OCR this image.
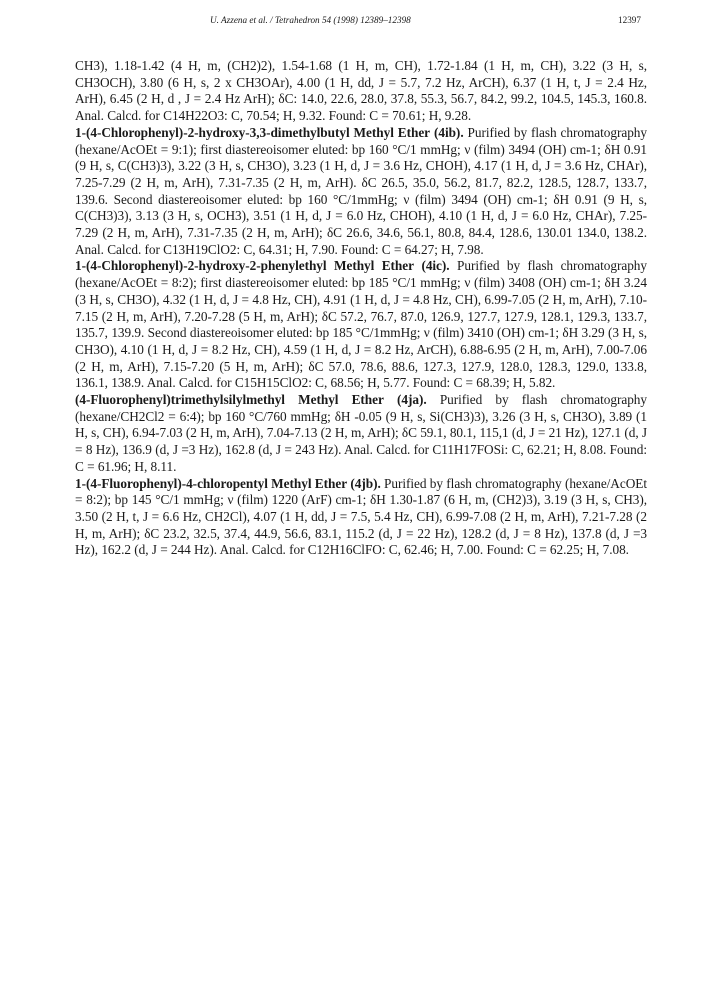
U. Azzena et al. / Tetrahedron 54 (1998) 12389–12398	12397

CH3), 1.18-1.42 (4 H, m, (CH2)2), 1.54-1.68 (1 H, m, CH), 1.72-1.84 (1 H, m, CH), 3.22 (3 H, s, CH3OCH), 3.80 (6 H, s, 2 x CH3OAr), 4.00 (1 H, dd, J = 5.7, 7.2 Hz, ArCH), 6.37 (1 H, t, J = 2.4 Hz, ArH), 6.45 (2 H, d , J = 2.4 Hz ArH); δC: 14.0, 22.6, 28.0, 37.8, 55.3, 56.7, 84.2, 99.2, 104.5, 145.3, 160.8. Anal. Calcd. for C14H22O3: C, 70.54; H, 9.32. Found: C = 70.61; H, 9.28.

1-(4-Chlorophenyl)-2-hydroxy-3,3-dimethylbutyl Methyl Ether (4ib). Purified by flash chromatography (hexane/AcOEt = 9:1); first diastereoisomer eluted: bp 160 °C/1 mmHg; ν (film) 3494 (OH) cm-1; δH 0.91 (9 H, s, C(CH3)3), 3.22 (3 H, s, CH3O), 3.23 (1 H, d, J = 3.6 Hz, CHOH), 4.17 (1 H, d, J = 3.6 Hz, CHAr), 7.25-7.29 (2 H, m, ArH), 7.31-7.35 (2 H, m, ArH). δC 26.5, 35.0, 56.2, 81.7, 82.2, 128.5, 128.7, 133.7, 139.6. Second diastereoisomer eluted: bp 160 °C/1mmHg; ν (film) 3494 (OH) cm-1; δH 0.91 (9 H, s, C(CH3)3), 3.13 (3 H, s, OCH3), 3.51 (1 H, d, J = 6.0 Hz, CHOH), 4.10 (1 H, d, J = 6.0 Hz, CHAr), 7.25-7.29 (2 H, m, ArH), 7.31-7.35 (2 H, m, ArH); δC 26.6, 34.6, 56.1, 80.8, 84.4, 128.6, 130.01 134.0, 138.2. Anal. Calcd. for C13H19ClO2: C, 64.31; H, 7.90. Found: C = 64.27; H, 7.98.

1-(4-Chlorophenyl)-2-hydroxy-2-phenylethyl Methyl Ether (4ic). Purified by flash chromatography (hexane/AcOEt = 8:2); first diastereoisomer eluted: bp 185 °C/1 mmHg; ν (film) 3408 (OH) cm-1; δH 3.24 (3 H, s, CH3O), 4.32 (1 H, d, J = 4.8 Hz, CH), 4.91 (1 H, d, J = 4.8 Hz, CH), 6.99-7.05 (2 H, m, ArH), 7.10-7.15 (2 H, m, ArH), 7.20-7.28 (5 H, m, ArH); δC 57.2, 76.7, 87.0, 126.9, 127.7, 127.9, 128.1, 129.3, 133.7, 135.7, 139.9. Second diastereoisomer eluted: bp 185 °C/1mmHg; ν (film) 3410 (OH) cm-1; δH 3.29 (3 H, s, CH3O), 4.10 (1 H, d, J = 8.2 Hz, CH), 4.59 (1 H, d, J = 8.2 Hz, ArCH), 6.88-6.95 (2 H, m, ArH), 7.00-7.06 (2 H, m, ArH), 7.15-7.20 (5 H, m, ArH); δC 57.0, 78.6, 88.6, 127.3, 127.9, 128.0, 128.3, 129.0, 133.8, 136.1, 138.9. Anal. Calcd. for C15H15ClO2: C, 68.56; H, 5.77. Found: C = 68.39; H, 5.82.

(4-Fluorophenyl)trimethylsilylmethyl Methyl Ether (4ja). Purified by flash chromatography (hexane/CH2Cl2 = 6:4); bp 160 °C/760 mmHg; δH -0.05 (9 H, s, Si(CH3)3), 3.26 (3 H, s, CH3O), 3.89 (1 H, s, CH), 6.94-7.03 (2 H, m, ArH), 7.04-7.13 (2 H, m, ArH); δC 59.1, 80.1, 115,1 (d, J = 21 Hz), 127.1 (d, J = 8 Hz), 136.9 (d, J =3 Hz), 162.8 (d, J = 243 Hz). Anal. Calcd. for C11H17FOSi: C, 62.21; H, 8.08. Found: C = 61.96; H, 8.11.

1-(4-Fluorophenyl)-4-chloropentyl Methyl Ether (4jb). Purified by flash chromatography (hexane/AcOEt = 8:2); bp 145 °C/1 mmHg; ν (film) 1220 (ArF) cm-1; δH 1.30-1.87 (6 H, m, (CH2)3), 3.19 (3 H, s, CH3), 3.50 (2 H, t, J = 6.6 Hz, CH2Cl), 4.07 (1 H, dd, J = 7.5, 5.4 Hz, CH), 6.99-7.08 (2 H, m, ArH), 7.21-7.28 (2 H, m, ArH); δC 23.2, 32.5, 37.4, 44.9, 56.6, 83.1, 115.2 (d, J = 22 Hz), 128.2 (d, J = 8 Hz), 137.8 (d, J =3 Hz), 162.2 (d, J = 244 Hz). Anal. Calcd. for C12H16ClFO: C, 62.46; H, 7.00. Found: C = 62.25; H, 7.08.
